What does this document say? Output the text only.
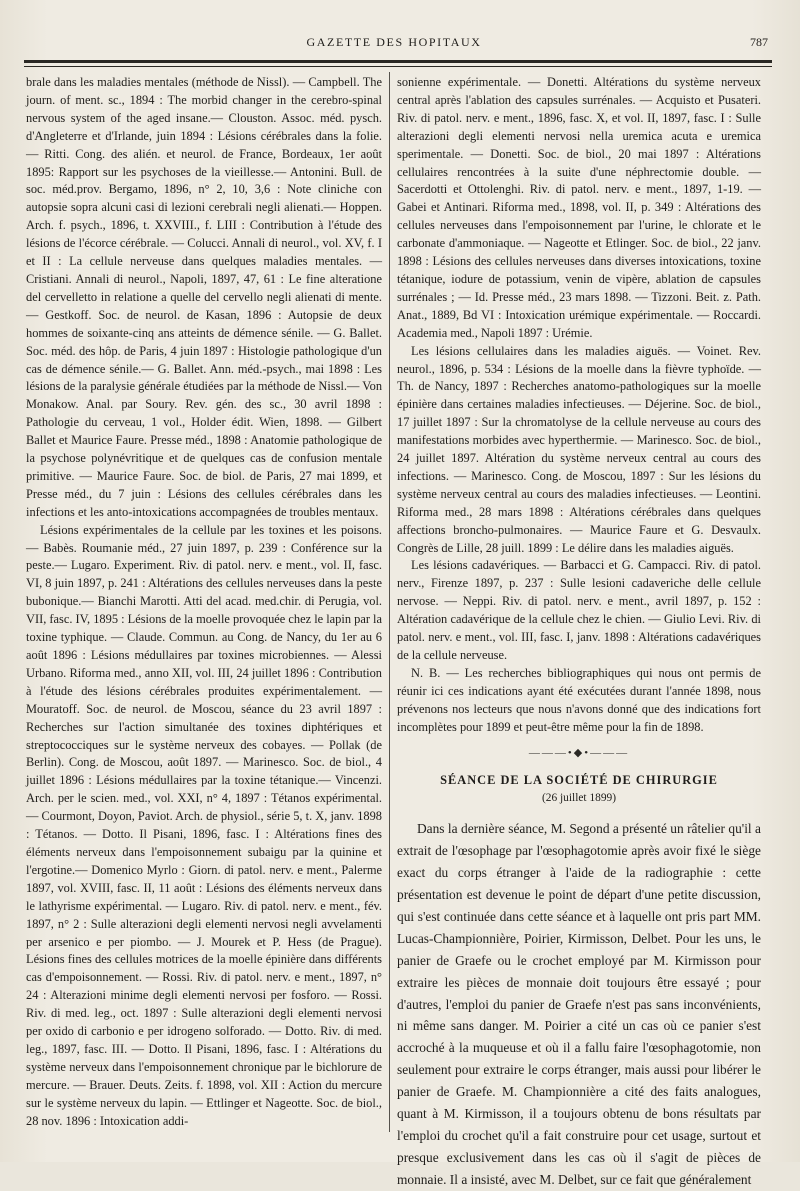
GAZETTE DES HOPITAUX	787

brale dans les maladies mentales (méthode de Nissl). — Campbell. The journ. of ment. sc., 1894 : The morbid changer in the cerebro-spinal nervous system of the aged insane.— Clouston. Assoc. méd. pysch. d'Angleterre et d'Irlande, juin 1894 : Lésions cérébrales dans la folie. — Ritti. Cong. des alién. et neurol. de France, Bordeaux, 1er août 1895: Rapport sur les psychoses de la vieillesse.— Antonini. Bull. de soc. méd.prov. Bergamo, 1896, n° 2, 10, 3,6 : Note cliniche con autopsie sopra alcuni casi di lezioni cerebrali negli alienati.— Hoppen. Arch. f. psych., 1896, t. XXVIII., f. LIII : Contribution à l'étude des lésions de l'écorce cérébrale. — Colucci. Annali di neurol., vol. XV, f. I et II : La cellule nerveuse dans quelques maladies mentales. — Cristiani. Annali di neurol., Napoli, 1897, 47, 61 : Le fine alteratione del cervelletto in relatione a quelle del cervello negli alienati di mente. — Gestkoff. Soc. de neurol. de Kasan, 1896 : Autopsie de deux hommes de soixante-cinq ans atteints de démence sénile. — G. Ballet. Soc. méd. des hôp. de Paris, 4 juin 1897 : Histologie pathologique d'un cas de démence sénile.— G. Ballet. Ann. méd.-psych., mai 1898 : Les lésions de la paralysie générale étudiées par la méthode de Nissl.— Von Monakow. Anal. par Soury. Rev. gén. des sc., 30 avril 1898 : Pathologie du cerveau, 1 vol., Holder édit. Wien, 1898. — Gilbert Ballet et Maurice Faure. Presse méd., 1898 : Anatomie pathologique de la psychose polynévritique et de quelques cas de confusion mentale primitive. — Maurice Faure. Soc. de biol. de Paris, 27 mai 1899, et Presse méd., du 7 juin : Lésions des cellules cérébrales dans les infections et les anto-intoxications accompagnées de troubles mentaux.

Lésions expérimentales de la cellule par les toxines et les poisons. — Babès. Roumanie méd., 27 juin 1897, p. 239 : Conférence sur la peste.— Lugaro. Experiment. Riv. di patol. nerv. e ment., vol. II, fasc. VI, 8 juin 1897, p. 241 : Altérations des cellules nerveuses dans la peste bubonique.— Bianchi Marotti. Atti del acad. med.chir. di Perugia, vol. VII, fasc. IV, 1895 : Lésions de la moelle provoquée chez le lapin par la toxine typhique. — Claude. Commun. au Cong. de Nancy, du 1er au 6 août 1896 : Lésions médullaires par toxines microbiennes. — Alessi Urbano. Riforma med., anno XII, vol. III, 24 juillet 1896 : Contribution à l'étude des lésions cérébrales produites expérimentalement. — Mouratoff. Soc. de neurol. de Moscou, séance du 23 avril 1897 : Recherches sur l'action simultanée des toxines diphtériques et streptococciques sur le système nerveux des cobayes. — Pollak (de Berlin). Cong. de Moscou, août 1897. — Marinesco. Soc. de biol., 4 juillet 1896 : Lésions médullaires par la toxine tétanique.— Vincenzi. Arch. per le scien. med., vol. XXI, n° 4, 1897 : Tétanos expérimental. — Courmont, Doyon, Paviot. Arch. de physiol., série 5, t. X, janv. 1898 : Tétanos. — Dotto. Il Pisani, 1896, fasc. I : Altérations fines des éléments nerveux dans l'empoisonnement subaigu par la quinine et l'ergotine.— Domenico Myrlo : Giorn. di patol. nerv. e ment., Palerme 1897, vol. XVIII, fasc. II, 11 août : Lésions des éléments nerveux dans le lathyrisme expérimental. — Lugaro. Riv. di patol. nerv. e ment., fév. 1897, n° 2 : Sulle alterazioni degli elementi nervosi negli avvelamenti per arsenico e per piombo. — J. Mourek et P. Hess (de Prague). Lésions fines des cellules motrices de la moelle épinière dans différents cas d'empoisonnement. — Rossi. Riv. di patol. nerv. e ment., 1897, n° 24 : Alterazioni minime degli elementi nervosi per fosforo. — Rossi. Riv. di med. leg., oct. 1897 : Sulle alterazioni degli elementi nervosi per oxido di carbonio e per idrogeno solforado. — Dotto. Riv. di med. leg., 1897, fasc. III. — Dotto. Il Pisani, 1896, fasc. I : Altérations du système nerveux dans l'empoisonnement chronique par le bichlorure de mercure. — Brauer. Deuts. Zeits. f. 1898, vol. XII : Action du mercure sur le système nerveux du lapin. — Ettlinger et Nageotte. Soc. de biol., 28 nov. 1896 : Intoxication addi-

sonienne expérimentale. — Donetti. Altérations du système nerveux central après l'ablation des capsules surrénales. — Acquisto et Pusateri. Riv. di patol. nerv. e ment., 1896, fasc. X, et vol. II, 1897, fasc. I : Sulle alterazioni degli elementi nervosi nella uremica acuta e uremica sperimentale. — Donetti. Soc. de biol., 20 mai 1897 : Altérations cellulaires rencontrées à la suite d'une néphrectomie double. — Sacerdotti et Ottolenghi. Riv. di patol. nerv. e ment., 1897, 1-19. — Gabei et Antinari. Riforma med., 1898, vol. II, p. 349 : Altérations des cellules nerveuses dans l'empoisonnement par l'urine, le chlorate et le carbonate d'ammoniaque. — Nageotte et Etlinger. Soc. de biol., 22 janv. 1898 : Lésions des cellules nerveuses dans diverses intoxications, toxine tétanique, iodure de potassium, venin de vipère, ablation de capsules surrénales ; — Id. Presse méd., 23 mars 1898. — Tizzoni. Beit. z. Path. Anat., 1889, Bd VI : Intoxication urémique expérimentale. — Roccardi. Academia med., Napoli 1897 : Urémie.

Les lésions cellulaires dans les maladies aiguës. — Voinet. Rev. neurol., 1896, p. 534 : Lésions de la moelle dans la fièvre typhoïde. — Th. de Nancy, 1897 : Recherches anatomo-pathologiques sur la moelle épinière dans certaines maladies infectieuses. — Déjerine. Soc. de biol., 17 juillet 1897 : Sur la chromatolyse de la cellule nerveuse au cours des manifestations morbides avec hyperthermie. — Marinesco. Soc. de biol., 24 juillet 1897. Altération du système nerveux central au cours des infections. — Marinesco. Cong. de Moscou, 1897 : Sur les lésions du système nerveux central au cours des maladies infectieuses. — Leontini. Riforma med., 28 mars 1898 : Altérations cérébrales dans quelques affections broncho-pulmonaires. — Maurice Faure et G. Desvaulx. Congrès de Lille, 28 juill. 1899 : Le délire dans les maladies aiguës.

Les lésions cadavériques. — Barbacci et G. Campacci. Riv. di patol. nerv., Firenze 1897, p. 237 : Sulle lesioni cadaveriche delle cellule nervose. — Neppi. Riv. di patol. nerv. e ment., avril 1897, p. 152 : Altération cadavérique de la cellule chez le chien. — Giulio Levi. Riv. di patol. nerv. e ment., vol. III, fasc. I, janv. 1898 : Altérations cadavériques de la cellule nerveuse.

N. B. — Les recherches bibliographiques qui nous ont permis de réunir ici ces indications ayant été exécutées durant l'année 1898, nous prévenons nos lecteurs que nous n'avons donné que des indications fort incomplètes pour 1899 et peut-être même pour la fin de 1898.

———•◆•———
SÉANCE DE LA SOCIÉTÉ DE CHIRURGIE
(26 juillet 1899)

Dans la dernière séance, M. Segond a présenté un râtelier qu'il a extrait de l'œsophage par l'œsophagotomie après avoir fixé le siège exact du corps étranger à l'aide de la radiographie : cette présentation est devenue le point de départ d'une petite discussion, qui s'est continuée dans cette séance et à laquelle ont pris part MM. Lucas-Championnière, Poirier, Kirmisson, Delbet. Pour les uns, le panier de Graefe ou le crochet employé par M. Kirmisson pour extraire les pièces de monnaie doit toujours être essayé ; pour d'autres, l'emploi du panier de Graefe n'est pas sans inconvénients, ni même sans danger. M. Poirier a cité un cas où ce panier s'est accroché à la muqueuse et où il a fallu faire l'œsophagotomie, non seulement pour extraire le corps étranger, mais aussi pour libérer le panier de Graefe. M. Championnière a cité des faits analogues, quant à M. Kirmisson, il a toujours obtenu de bons résultats par l'emploi du crochet qu'il a fait construire pour cet usage, surtout et presque exclusivement dans les cas où il s'agit de pièces de monnaie. Il a insisté, avec M. Delbet, sur ce fait que généralement
